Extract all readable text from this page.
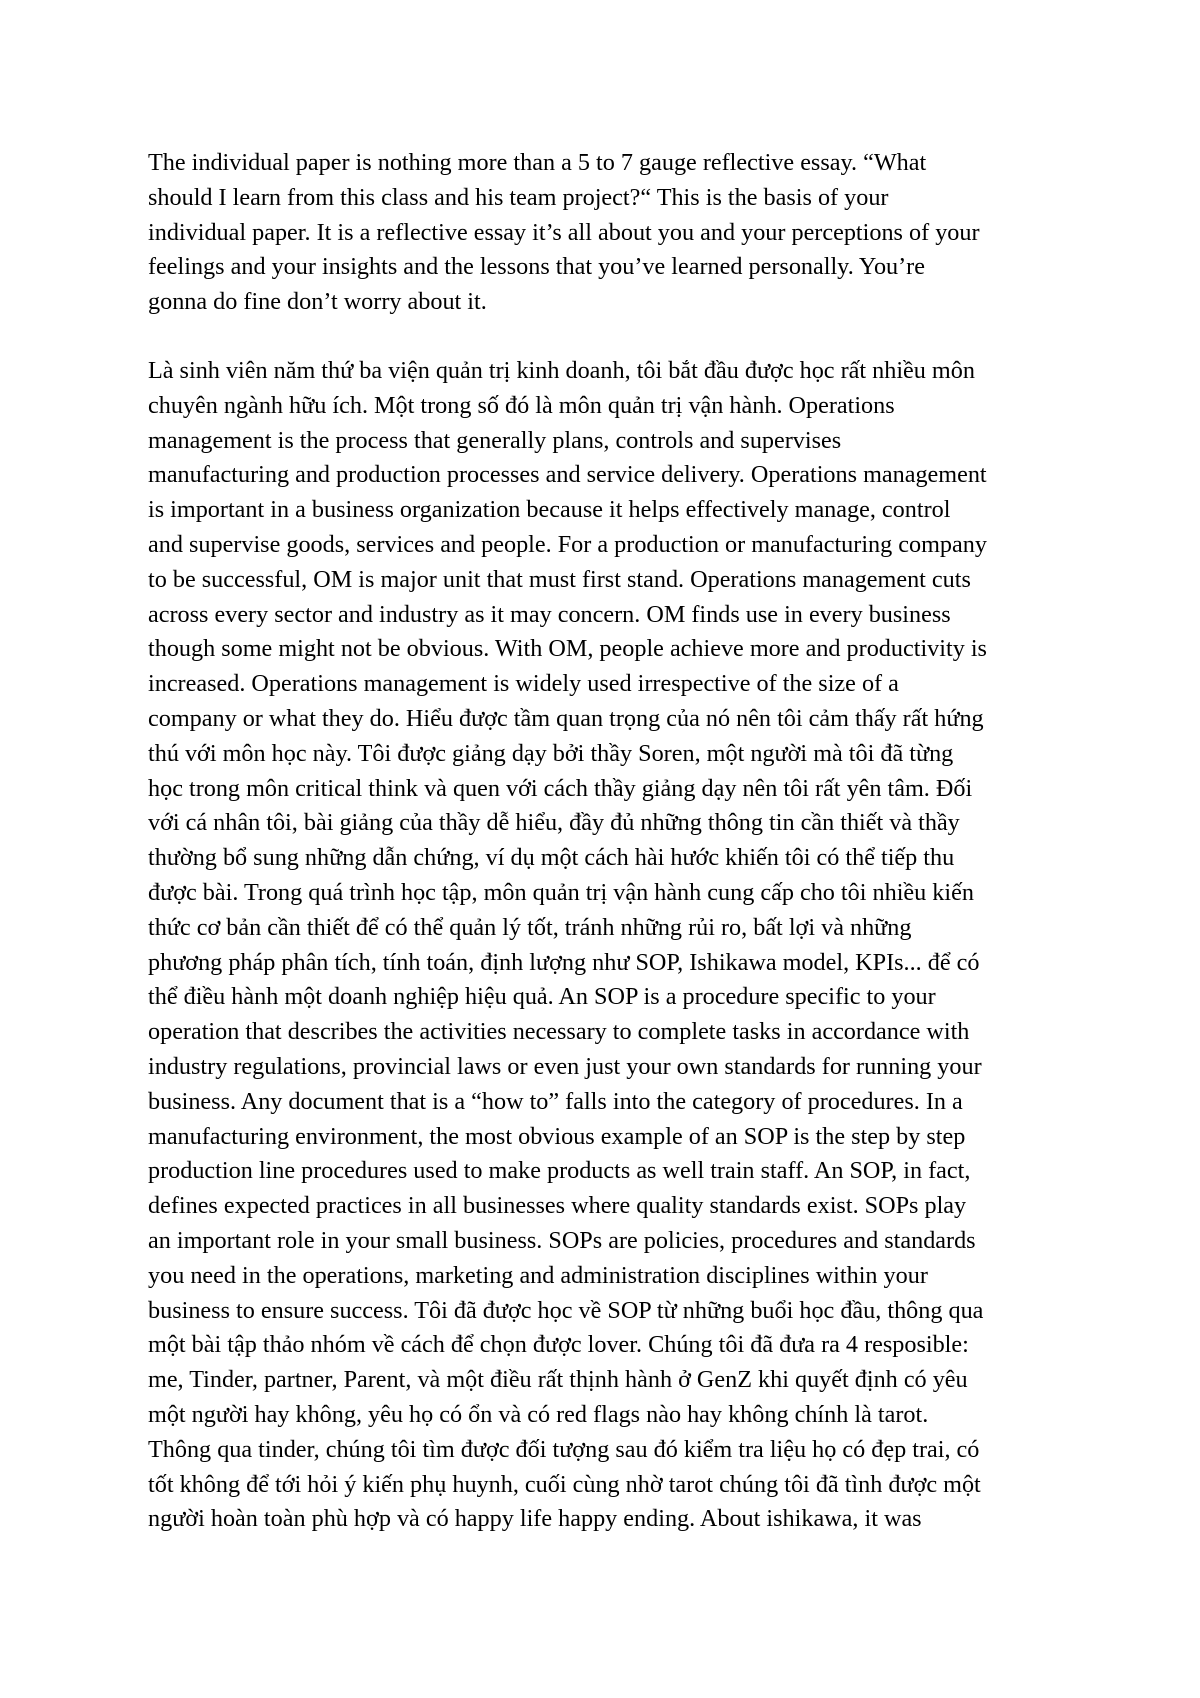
The individual paper is nothing more than a 5 to 7 gauge reflective essay. “What
should I learn from this class and his team project?“ This is the basis of your
individual paper. It is a reflective essay it’s all about you and your perceptions of your
feelings and your insights and the lessons that you’ve learned personally. You’re
gonna do fine don’t worry about it.
Là sinh viên năm thứ ba viện quản trị kinh doanh, tôi bắt đầu được học rất nhiều môn
chuyên ngành hữu ích. Một trong số đó là môn quản trị vận hành. Operations
management is the process that generally plans, controls and supervises
manufacturing and production processes and service delivery. Operations management
is important in a business organization because it helps effectively manage, control
and supervise goods, services and people. For a production or manufacturing company
to be successful, OM is major unit that must first stand. Operations management cuts
across every sector and industry as it may concern. OM finds use in every business
though some might not be obvious. With OM, people achieve more and productivity is
increased. Operations management is widely used irrespective of the size of a
company or what they do. Hiểu được tầm quan trọng của nó nên tôi cảm thấy rất hứng
thú với môn học này. Tôi được giảng dạy bởi thầy Soren, một người mà tôi đã từng
học trong môn critical think và quen với cách thầy giảng dạy nên tôi rất yên tâm. Đối
với cá nhân tôi, bài giảng của thầy dễ hiểu, đầy đủ những thông tin cần thiết và thầy
thường bổ sung những dẫn chứng, ví dụ một cách hài hước khiến tôi có thể tiếp thu
được bài. Trong quá trình học tập, môn quản trị vận hành cung cấp cho tôi nhiều kiến
thức cơ bản cần thiết để có thể quản lý tốt, tránh những rủi ro, bất lợi và những
phương pháp phân tích, tính toán, định lượng như SOP, Ishikawa model, KPIs... để có
thể điều hành một doanh nghiệp hiệu quả. An SOP is a procedure specific to your
operation that describes the activities necessary to complete tasks in accordance with
industry regulations, provincial laws or even just your own standards for running your
business. Any document that is a “how to” falls into the category of procedures. In a
manufacturing environment, the most obvious example of an SOP is the step by step
production line procedures used to make products as well train staff. An SOP, in fact,
defines expected practices in all businesses where quality standards exist. SOPs play
an important role in your small business. SOPs are policies, procedures and standards
you need in the operations, marketing and administration disciplines within your
business to ensure success. Tôi đã được học về SOP từ những buổi học đầu, thông qua
một bài tập thảo nhóm về cách để chọn được lover. Chúng tôi đã đưa ra 4 resposible:
me, Tinder, partner, Parent, và một điều rất thịnh hành ở GenZ khi quyết định có yêu
một người hay không, yêu họ có ổn và có red flags nào hay không chính là tarot.
Thông qua tinder, chúng tôi tìm được đối tượng sau đó kiểm tra liệu họ có đẹp trai, có
tốt không để tới hỏi ý kiến phụ huynh, cuối cùng nhờ tarot chúng tôi đã tình được một
người hoàn toàn phù hợp và có happy life happy ending. About ishikawa, it was
